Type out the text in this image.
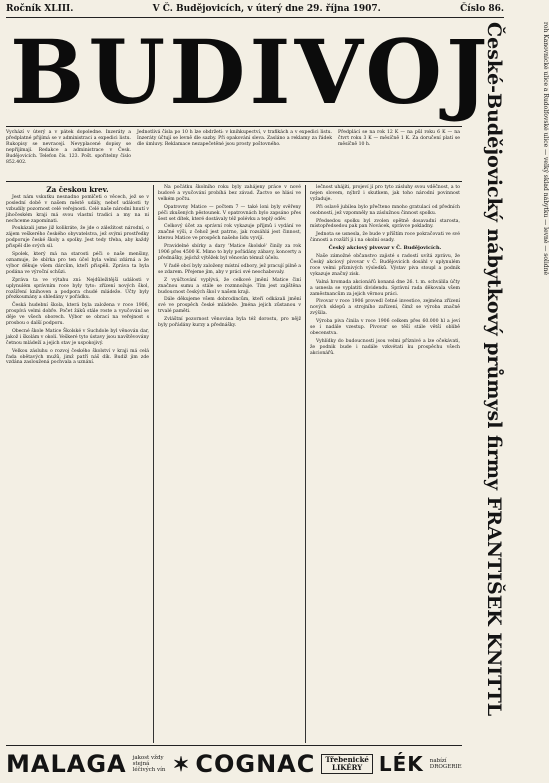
Ročník XLIII.	V Č. Budějovicích, v úterý dne 29. října 1907.	Číslo 86.
BUDIVOJ
České-Budějovický nábytkový průmysl firmy FRANTIŠEK KNITTL	roh Kanovnické ulice a Rudolfovské ulice — velký sklad nábytku — levně — solidně
Vychází v úterý a v pátek dopoledne. Inzeráty a předplatné přijímá se v administraci a expedici listu. Rukopisy se nevracejí. Nevyplacené dopisy se nepřijímají. Redakce a administrace v Česk. Budějovicích. Telefon čís. 123. Pošt. spořitelny číslo 852.402.
Jednotlivá čísla po 10 h lze obdržeti: v knihkupectví, v trafikách a v expedici listu. Inzeráty účtují se levně dle sazby. Při opakování sleva. Zasláno a reklamy za řádek dle úmluvy. Reklamace nezapečetěné jsou prosty poštovného.
Předplácí se na rok 12 K — na půl roku 6 K — na čtvrt roku 3 K — měsíčně 1 K. Za doručení platí se měsíčně 10 h.
Za českou krev.

Jest nám vskutku nesnadno pomlčeti o věcech, jež se v poslední době v našem městě udály, neboť události ty vzbudily pozornost celé veřejnosti. Celé naše národní hnutí v jihočeském kraji má svou vlastní tradici a my na ni nechceme zapomínati.

Poukázali jsme již kolikráte, že jde o záležitost národní, o zájem veškerého českého obyvatelstva, jež svými prostředky podporuje české školy a spolky. Jest tedy třeba, aby každý přispěl dle svých sil.

Spolek, který má na starosti péči o naše menšiny, oznamuje, že sbírka pro ten účel byla velmi zdárná a že výbor děkuje všem dárcům, kteří přispěli. Zpráva ta byla podána ve výroční schůzi.

Zpráva ta ve výtahu zní: Nejdůležitější události v uplynulém správním roce byly tyto: zřízení nových škol, rozšíření knihoven a podpora chudé mládeže. Účty byly přezkoumány a shledány v pořádku.

Česká hudební škola, která byla založena v roce 1906, prospívá velmi dobře. Počet žáků stále roste a vyučování se děje ve všech oborech. Výbor se obrací na veřejnost s prosbou o další podporu.

Obecné škole Matice Školské v Suchdole byl věnován dar, jakož i školám v okolí. Veškeré tyto ústavy jsou navštěvovány četnou mládeží a jejich stav je uspokojivý.

Velkou zásluhu o rozvoj českého školství v kraji má celá řada obětavých mužů, jimž patří náš dík. Budiž jim zde vzdána zasloužená pochvala a uznání.

Na počátku školního roku byly zahájeny práce v nové budově a vyučování probíhá bez závad. Žactvo se hlásí ve velkém počtu.

Opatrovny Matice — počtem 7 — také loni byly svěřeny péči zkušených pěstounek. V opatrovnách bylo zapsáno přes šest set dítek, které dostávaly též polévku a teplý oděv.

Celkový účet za správní rok vykazuje příjmů i vydání ve značné výši, z čehož jest patrno, jak rozsáhlá jest činnost, kterou Matice ve prospěch našeho lidu vyvíjí.

Pravidelné sbírky a dary 'Matice školské' činily za rok 1906 přes 4500 K. Mimo to byly pořádány zábavy, koncerty a přednášky, jejichž výtěžek byl věnován témuž účelu.

V řadě obcí byly založeny místní odbory, jež pracují pilně a se zdarem. Přejeme jim, aby v práci své neochabovaly.

Z vyúčtování vyplývá, že celkové jmění Matice činí značnou sumu a stále se rozmnožuje. Tím jest zajištěna budoucnost českých škol v našem kraji.

Dále děkujeme všem dobrodincům, kteří odkázali jmění své ve prospěch české mládeže. Jména jejich zůstanou v trvalé paměti.

Zvláštní pozornost věnována byla též dorostu, pro nějž byly pořádány kurzy a přednášky.

lečnost uhájiti, projeví jí pro tyto zásluhy svou vděčnost, a to nejen slovem, nýbrž i skutkem, jak toho národní povinnost vyžaduje.

Při oslavě jubilea bylo přečteno mnoho gratulací od předních osobností, jež vzpomněly na záslužnou činnost spolku.

Předsedou spolku byl zvolen opětně dosavadní starosta, místopředsedou pak pan Novácek, správce pokladny.

Jednota se usnesla, že bude v příštím roce pokračovati ve své činnosti a rozšíří ji i na okolní osady.

Český akciový pivovar v Č. Budějovicích.

Naše zámožné občanstvo zajisté s radostí uvítá zprávu, že Český akciový pivovar v Č. Budějovicích dosáhl v uplynulém roce velmi příznivých výsledků. Výstav piva stoupl a podnik vykazuje značný zisk.

Valná hromada akcionářů konaná dne 26. t. m. schválila účty a usnesla se vyplatiti dividendu. Správní rada děkovala všem zaměstnancům za jejich věrnou práci.

Pivovar v roce 1906 provedl četné investice, zejména zřízení nových sklepů a strojního zařízení, čímž se výroba značně zvýšila.

Výroba piva činila v roce 1906 celkem přes 60.000 hl a jeví se i nadále vzestup. Pivovar se těší stále větší oblibě obecenstva.

Vyhlídky do budoucnosti jsou velmi příznivé a lze očekávati, že podnik bude i nadále vzkvétati ku prospěchu všech akcionářů.

MALAGA jakost vždy stejná léčivých vín ✶ COGNAC	Třebenické LIKÉRY LÉK nabízí DROGERIE
